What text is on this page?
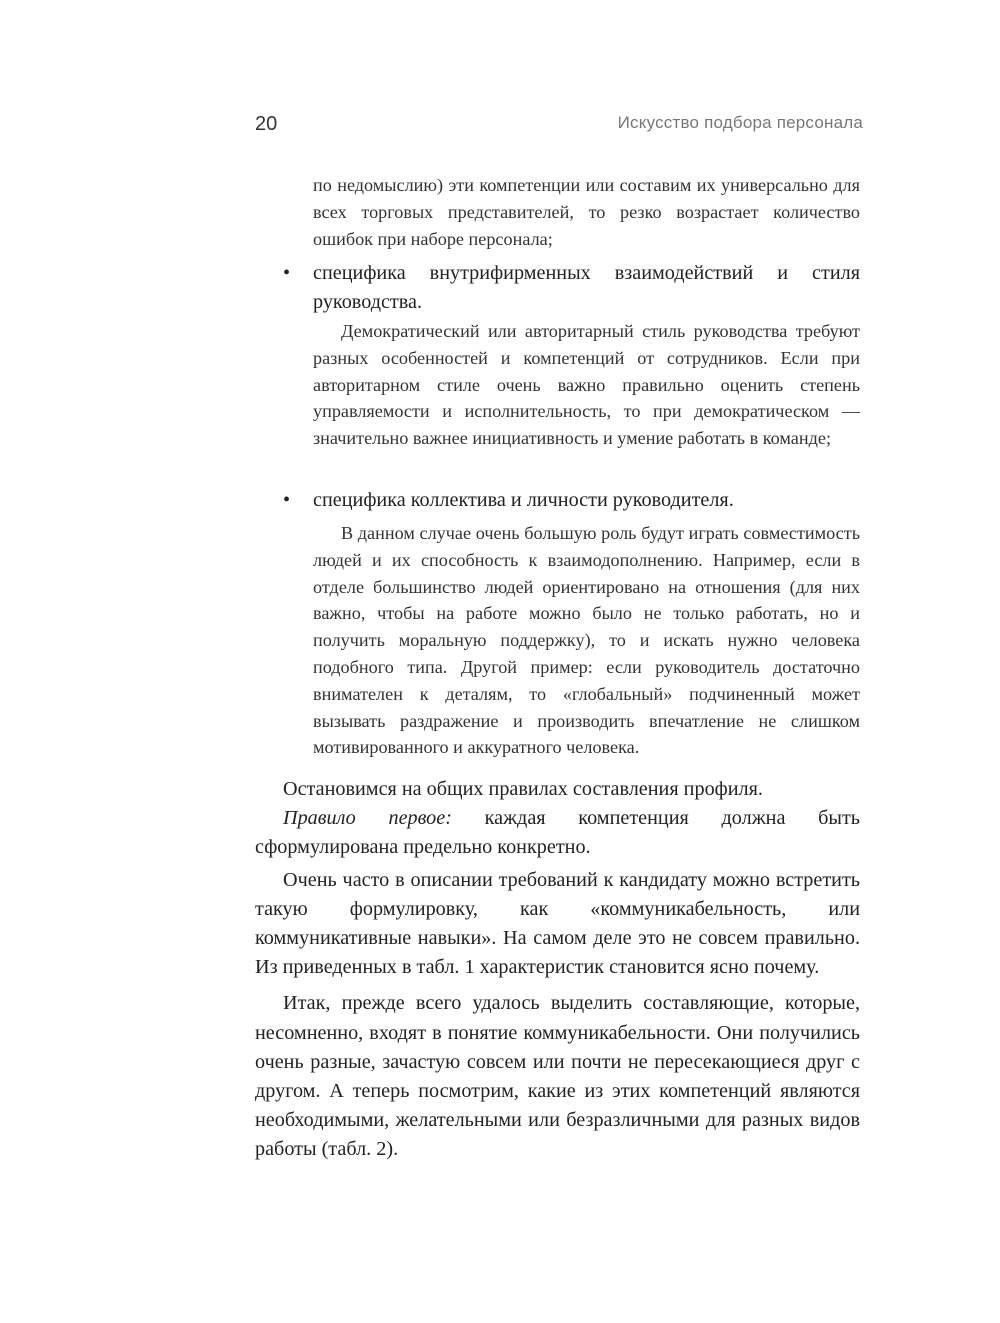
20	Искусство подбора персонала
по недомыслию) эти компетенции или составим их универсально для всех торговых представителей, то резко возрастает количество ошибок при наборе персонала;
•	специфика внутрифирменных взаимодействий и стиля руководства.
Демократический или авторитарный стиль руководства требуют разных особенностей и компетенций от сотрудников. Если при авторитарном стиле очень важно правильно оценить степень управляемости и исполнительность, то при демократическом — значительно важнее инициативность и умение работать в команде;
•	специфика коллектива и личности руководителя.
В данном случае очень большую роль будут играть совместимость людей и их способность к взаимодополнению. Например, если в отделе большинство людей ориентировано на отношения (для них важно, чтобы на работе можно было не только работать, но и получить моральную поддержку), то и искать нужно человека подобного типа. Другой пример: если руководитель достаточно внимателен к деталям, то «глобальный» подчиненный может вызывать раздражение и производить впечатление не слишком мотивированного и аккуратного человека.

Остановимся на общих правилах составления профиля.

Правило первое: каждая компетенция должна быть сформулирована предельно конкретно.

Очень часто в описании требований к кандидату можно встретить такую формулировку, как «коммуникабельность, или коммуникативные навыки». На самом деле это не совсем правильно. Из приведенных в табл. 1 характеристик становится ясно почему.

Итак, прежде всего удалось выделить составляющие, которые, несомненно, входят в понятие коммуникабельности. Они получились очень разные, зачастую совсем или почти не пересекающиеся друг с другом. А теперь посмотрим, какие из этих компетенций являются необходимыми, желательными или безразличными для разных видов работы (табл. 2).
